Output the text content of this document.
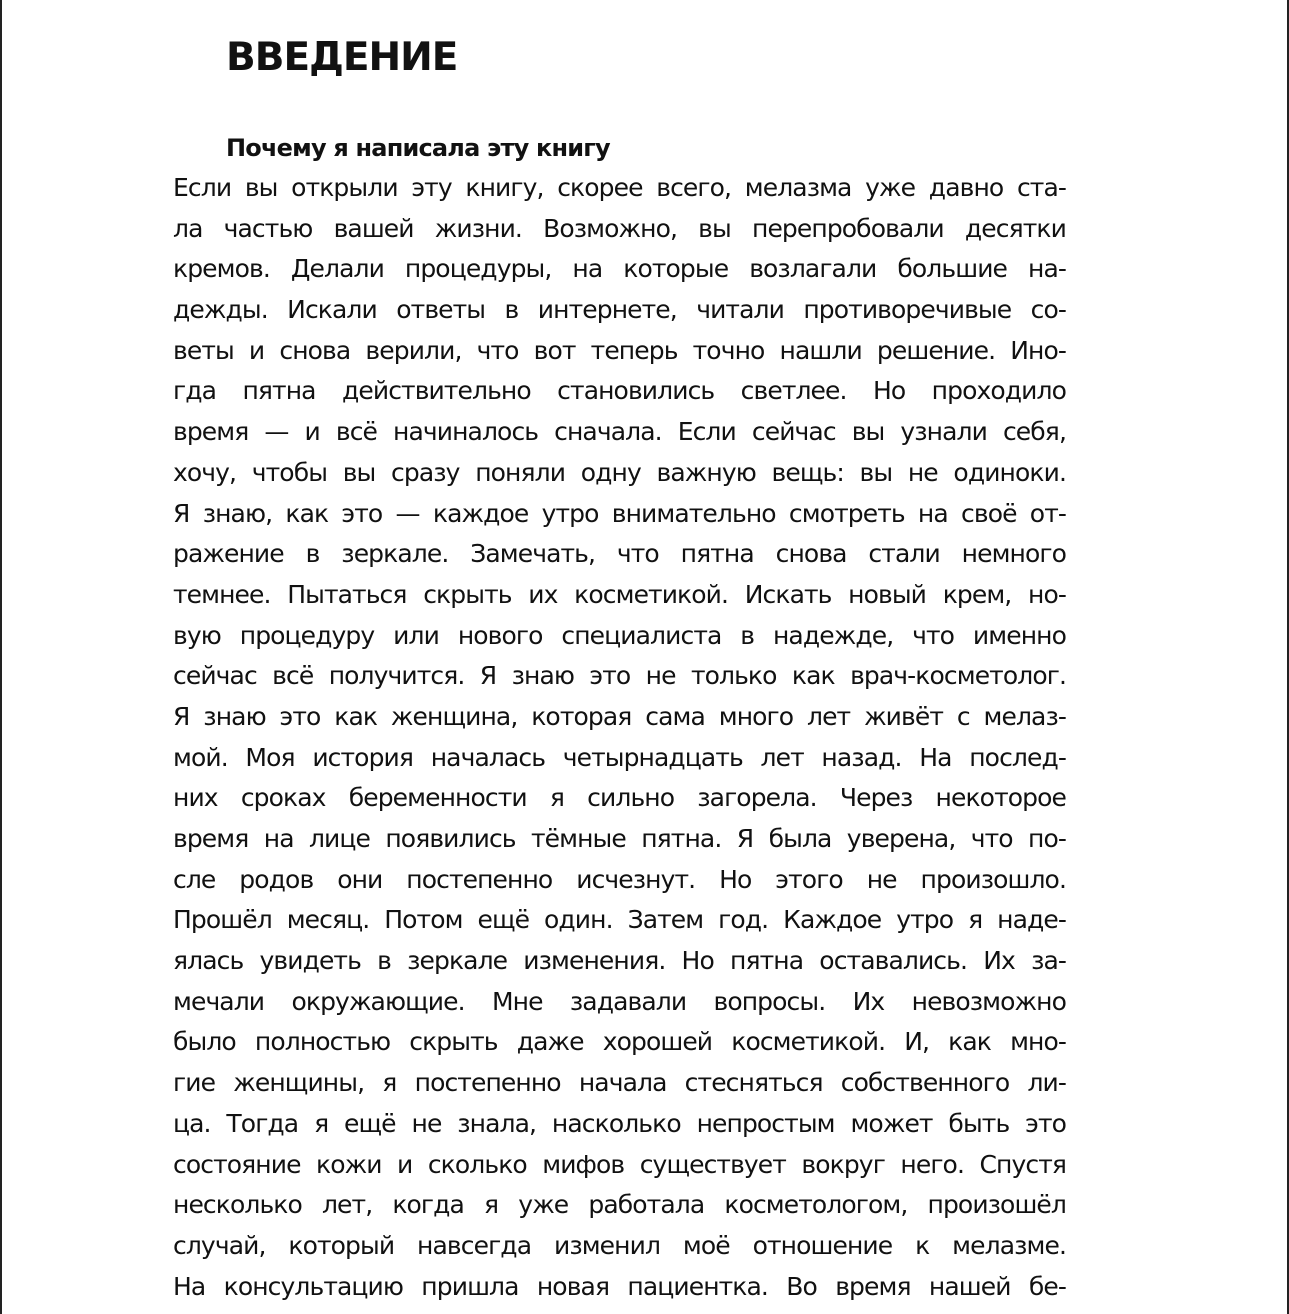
ВВЕДЕНИЕ
Почему я написала эту книгу
Если вы открыли эту книгу, скорее всего, мелазма уже давно ста-
ла частью вашей жизни. Возможно, вы перепробовали десятки
кремов. Делали процедуры, на которые возлагали большие на-
дежды. Искали ответы в интернете, читали противоречивые со-
веты и снова верили, что вот теперь точно нашли решение. Ино-
гда пятна действительно становились светлее. Но проходило
время — и всё начиналось сначала. Если сейчас вы узнали себя,
хочу, чтобы вы сразу поняли одну важную вещь: вы не одиноки.
Я знаю, как это — каждое утро внимательно смотреть на своё от-
ражение в зеркале. Замечать, что пятна снова стали немного
темнее. Пытаться скрыть их косметикой. Искать новый крем, но-
вую процедуру или нового специалиста в надежде, что именно
сейчас всё получится. Я знаю это не только как врач-косметолог.
Я знаю это как женщина, которая сама много лет живёт с мелаз-
мой. Моя история началась четырнадцать лет назад. На послед-
них сроках беременности я сильно загорела. Через некоторое
время на лице появились тёмные пятна. Я была уверена, что по-
сле родов они постепенно исчезнут. Но этого не произошло.
Прошёл месяц. Потом ещё один. Затем год. Каждое утро я наде-
ялась увидеть в зеркале изменения. Но пятна оставались. Их за-
мечали окружающие. Мне задавали вопросы. Их невозможно
было полностью скрыть даже хорошей косметикой. И, как мно-
гие женщины, я постепенно начала стесняться собственного ли-
ца. Тогда я ещё не знала, насколько непростым может быть это
состояние кожи и сколько мифов существует вокруг него. Спустя
несколько лет, когда я уже работала косметологом, произошёл
случай, который навсегда изменил моё отношение к мелазме.
На консультацию пришла новая пациентка. Во время нашей бе-
